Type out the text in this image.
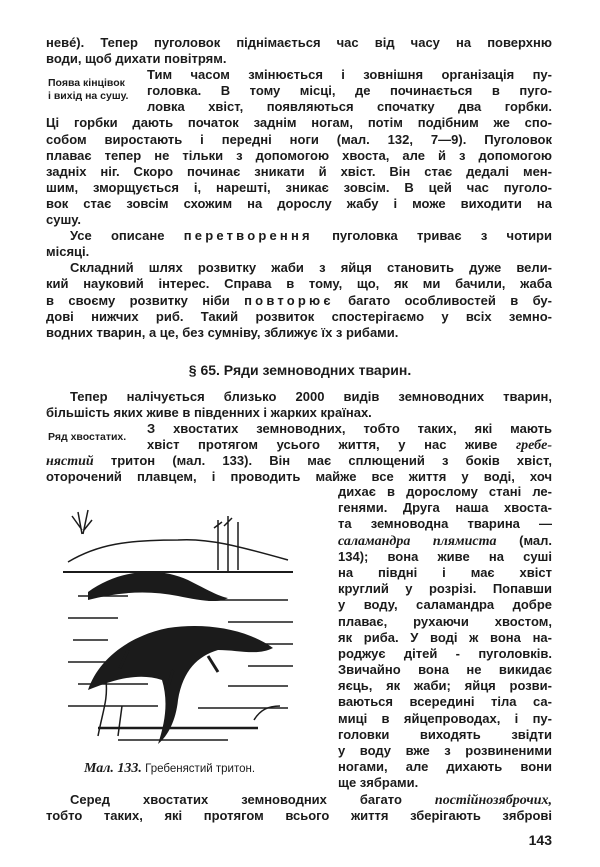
невé). Тепер пуголовок піднімається час від часу на поверхню
води, щоб дихати повітрям.
Тим часом змінюється і зовнішня організація пу-
головка. В тому місці, де починається в пуго-
ловка хвіст, появляються спочатку два горбки.
Ці горбки дають початок заднім ногам, потім подібним же спо-
собом виростають і передні ноги (мал. 132, 7—9). Пуголовок
плаває тепер не тільки з допомогою хвоста, але й з допомогою
задніх ніг. Скоро починає зникати й хвіст. Він стає дедалі мен-
шим, зморщується і, нарешті, зникає зовсім. В цей час пуголо-
вок стає зовсім схожим на дорослу жабу і може виходити на
сушу.
Усе описане перетворення пуголовка триває з чотири
місяці.
Складний шлях розвитку жаби з яйця становить дуже вели-
кий науковий інтерес. Справа в тому, що, як ми бачили, жаба
в своєму розвитку ніби повторює багато особливостей в бу-
дові нижчих риб. Такий розвиток спостерігаємо у всіх земно-
водних тварин, а це, без сумніву, зближує їх з рибами.
Поява кінцівок
і вихід на сушу.
§ 65. Ряди земноводних тварин.
Тепер налічується близько 2000 видів земноводних тварин,
більшість яких живе в південних і жарких країнах.
З хвостатих земноводних, тобто таких, які мають
хвіст протягом усього життя, у нас живе гребе-
нястий тритон (мал. 133). Він має сплющений з боків хвіст,
оторочений плавцем, і проводить майже все життя у воді, хоч
Ряд хвостатих.
Мал. 133. Гребенястий тритон.
дихає в дорослому стані ле-
генями. Друга наша хвоста-
та земноводна тварина —
саламандра плямиста (мал.
134); вона живе на суші
на півдні і має хвіст
круглий у розрізі. Попавши
у воду, саламандра добре
плаває, рухаючи хвостом,
як риба. У воді ж вона на-
роджує дітей - пуголовків.
Звичайно вона не викидає
яєць, як жаби; яйця розви-
ваються всередині тіла са-
миці в яйцепроводах, і пу-
головки виходять звідти
у воду вже з розвиненими
ногами, але дихають вони
ще зябрами.
Серед хвостатих земноводних багато постійнозяброчих,
тобто таких, які протягом всього життя зберігають зяброві
143
